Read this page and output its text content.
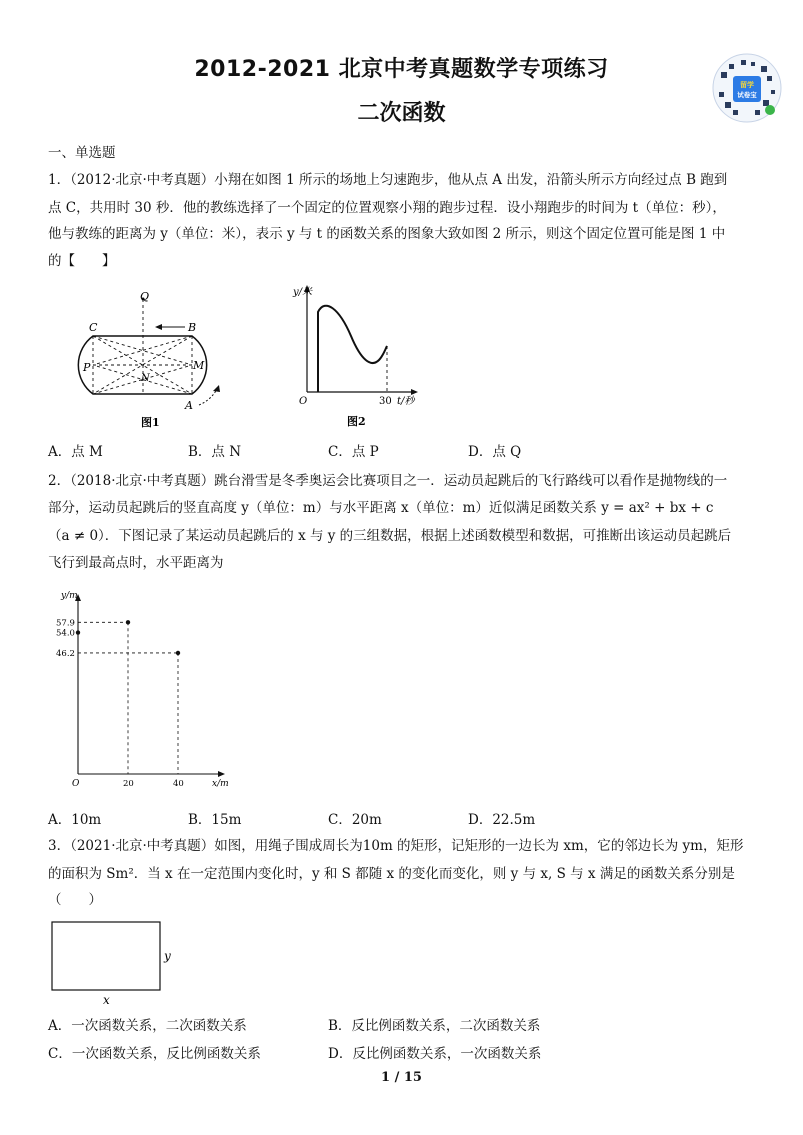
2012-2021 北京中考真题数学专项练习
二次函数
留学
试卷宝
一、单选题
1．（2012·北京·中考真题）小翔在如图 1 所示的场地上匀速跑步，他从点 A 出发，沿箭头所示方向经过点 B 跑到
点 C，共用时 30 秒．他的教练选择了一个固定的位置观察小翔的跑步过程．设小翔跑步的时间为 t（单位：秒），
他与教练的距离为 y（单位：米），表示 y 与 t 的函数关系的图象大致如图 2 所示，则这个固定位置可能是图 1 中
的【　　】
Q
C	B
P
N
M
A
图1
y/米
O	30 t/秒
图2
A．点 M	B．点 N	C．点 P	D．点 Q
2．（2018·北京·中考真题）跳台滑雪是冬季奥运会比赛项目之一．运动员起跳后的飞行路线可以看作是抛物线的一
部分，运动员起跳后的竖直高度 y（单位：m）与水平距离 x（单位：m）近似满足函数关系 y = ax² + bx + c
（a ≠ 0）．下图记录了某运动员起跳后的 x 与 y 的三组数据，根据上述函数模型和数据，可推断出该运动员起跳后
飞行到最高点时，水平距离为
y/m
x/m
O
57.9
54.0
46.2
20	40
A．10m	B．15m	C．20m	D．22.5m
3．（2021·北京·中考真题）如图，用绳子围成周长为10m 的矩形，记矩形的一边长为 xm，它的邻边长为 ym，矩形
的面积为 Sm²．当 x 在一定范围内变化时，y 和 S 都随 x 的变化而变化，则 y 与 x, S 与 x 满足的函数关系分别是
（　　）
y
x
A．一次函数关系，二次函数关系	B．反比例函数关系，二次函数关系
C．一次函数关系，反比例函数关系	D．反比例函数关系，一次函数关系
1 / 15
